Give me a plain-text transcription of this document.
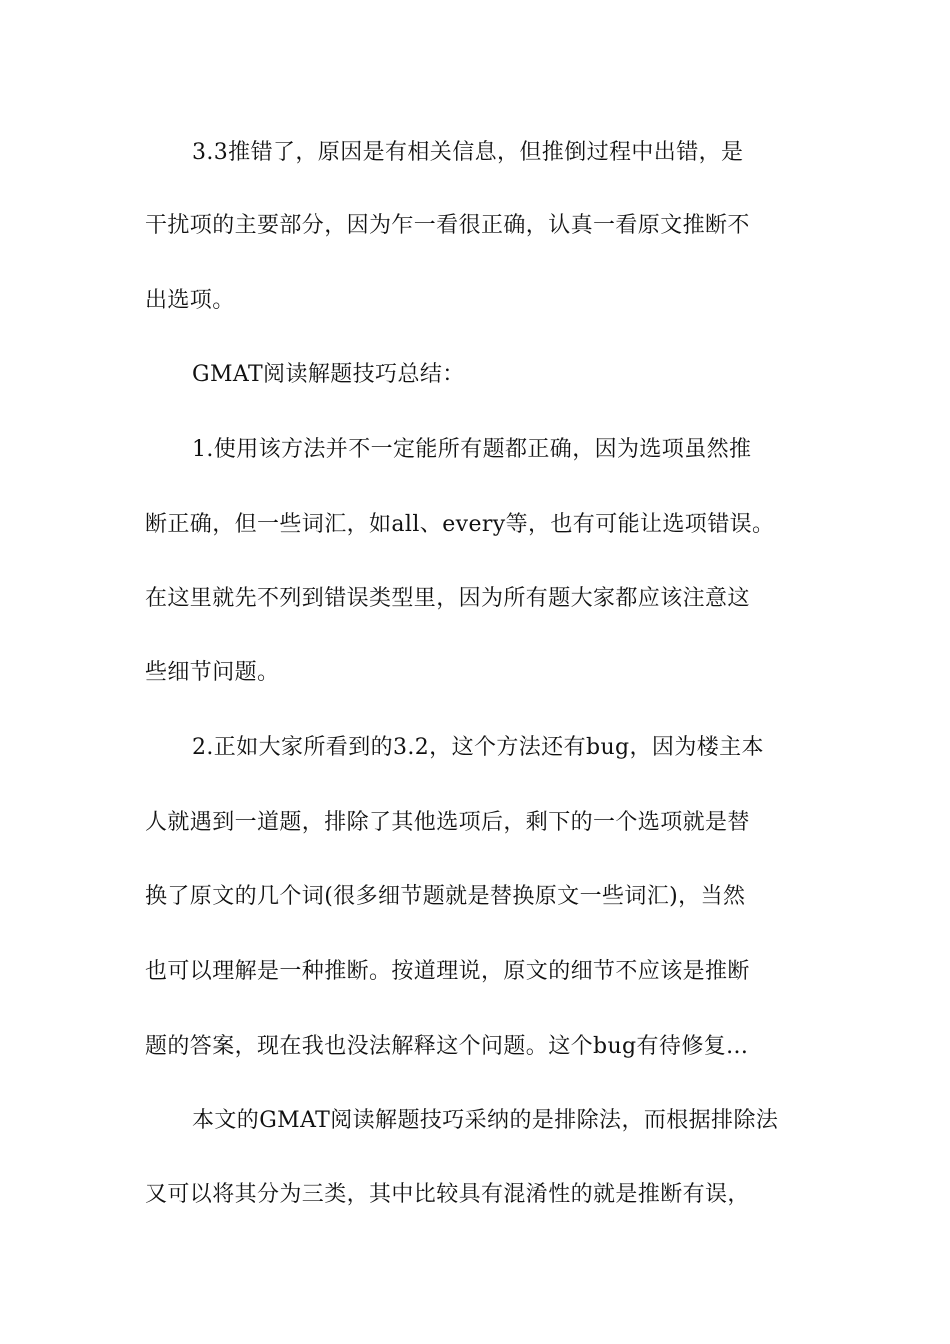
3.3推错了，原因是有相关信息，但推倒过程中出错，是
干扰项的主要部分，因为乍一看很正确，认真一看原文推断不
出选项。
GMAT阅读解题技巧总结：
1.使用该方法并不一定能所有题都正确，因为选项虽然推
断正确，但一些词汇，如all、every等，也有可能让选项错误。
在这里就先不列到错误类型里，因为所有题大家都应该注意这
些细节问题。
2.正如大家所看到的3.2，这个方法还有bug，因为楼主本
人就遇到一道题，排除了其他选项后，剩下的一个选项就是替
换了原文的几个词(很多细节题就是替换原文一些词汇)，当然
也可以理解是一种推断。按道理说，原文的细节不应该是推断
题的答案，现在我也没法解释这个问题。这个bug有待修复...
本文的GMAT阅读解题技巧采纳的是排除法，而根据排除法
又可以将其分为三类，其中比较具有混淆性的就是推断有误，
